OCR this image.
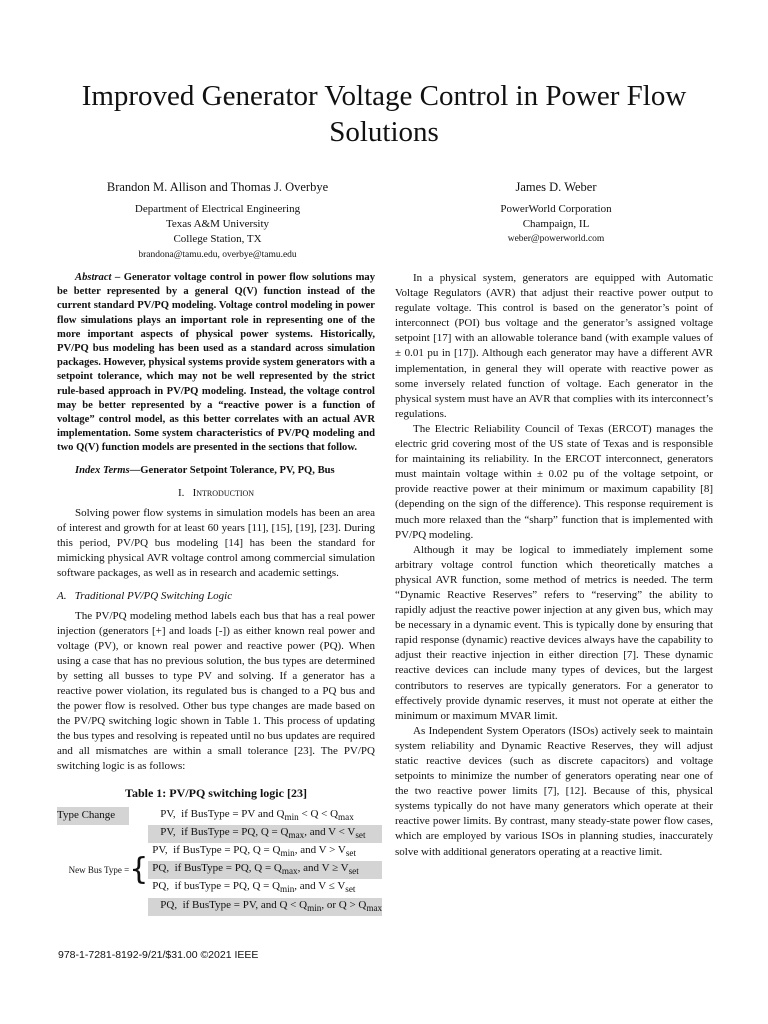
Improved Generator Voltage Control in Power Flow Solutions
Brandon M. Allison and Thomas J. Overbye
Department of Electrical Engineering
Texas A&M University
College Station, TX
brandona@tamu.edu, overbye@tamu.edu
James D. Weber
PowerWorld Corporation
Champaign, IL
weber@powerworld.com

Abstract – Generator voltage control in power flow solutions may be better represented by a general Q(V) function instead of the current standard PV/PQ modeling. Voltage control modeling in power flow simulations plays an important role in representing one of the more important aspects of physical power systems. Historically, PV/PQ bus modeling has been used as a standard across simulation packages. However, physical systems provide system generators with a setpoint tolerance, which may not be well represented by the strict rule-based approach in PV/PQ modeling. Instead, the voltage control may be better represented by a “reactive power is a function of voltage” control model, as this better correlates with an actual AVR implementation. Some system characteristics of PV/PQ modeling and two Q(V) function models are presented in the sections that follow.

Index Terms—Generator Setpoint Tolerance, PV, PQ, Bus

I. Introduction

Solving power flow systems in simulation models has been an area of interest and growth for at least 60 years [11], [15], [19], [23]. During this period, PV/PQ bus modeling [14] has been the standard for mimicking physical AVR voltage control among commercial simulation software packages, as well as in research and academic settings.

A. Traditional PV/PQ Switching Logic

The PV/PQ modeling method labels each bus that has a real power injection (generators [+] and loads [-]) as either known real power and voltage (PV), or known real power and reactive power (PQ). When using a case that has no previous solution, the bus types are determined by setting all busses to type PV and solving. If a generator has a reactive power violation, its regulated bus is changed to a PQ bus and the power flow is resolved. Other bus type changes are made based on the PV/PQ switching logic shown in Table 1. This process of updating the bus types and resolving is repeated until no bus updates are required and all mismatches are within a small tolerance [23]. The PV/PQ switching logic is as follows:

Table 1: PV/PQ switching logic [23]

Type Change		PV,  if BusType = PV and $Q_{min} < Q < Q_{max}$
		PV,  if BusType = PQ, $Q = Q_{max}$, and $V < V_{set}$
New Bus Type =	{	PV,  if BusType = PQ, $Q = Q_{min}$, and $V > V_{set}$
		PQ,  if BusType = PQ, $Q = Q_{max}$, and $V \ge V_{set}$
		PQ,  if busType = PQ, $Q = Q_{min}$, and $V \le V_{set}$
		PQ,  if BusType = PV, and $Q < Q_{min}$, or $Q > Q_{max}$

In a physical system, generators are equipped with Automatic Voltage Regulators (AVR) that adjust their reactive power output to regulate voltage. This control is based on the generator’s point of interconnect (POI) bus voltage and the generator’s assigned voltage setpoint [17] with an allowable tolerance band (with example values of ± 0.01 pu in [17]). Although each generator may have a different AVR implementation, in general they will operate with reactive power as some inversely related function of voltage. Each generator in the physical system must have an AVR that complies with its interconnect’s regulations.

The Electric Reliability Council of Texas (ERCOT) manages the electric grid covering most of the US state of Texas and is responsible for maintaining its reliability. In the ERCOT interconnect, generators must maintain voltage within ± 0.02 pu of the voltage setpoint, or provide reactive power at their minimum or maximum capability [8] (depending on the sign of the difference). This response requirement is much more relaxed than the “sharp” function that is implemented with PV/PQ modeling.

Although it may be logical to immediately implement some arbitrary voltage control function which theoretically matches a physical AVR function, some method of metrics is needed. The term “Dynamic Reactive Reserves” refers to “reserving” the ability to rapidly adjust the reactive power injection at any given bus, which may be necessary in a dynamic event. This is typically done by ensuring that rapid response (dynamic) reactive devices always have the capability to adjust their reactive injection in either direction [7]. These dynamic reactive devices can include many types of devices, but the largest contributors to reserves are typically generators. For a generator to effectively provide dynamic reserves, it must not operate at either the minimum or maximum MVAR limit.

As Independent System Operators (ISOs) actively seek to maintain system reliability and Dynamic Reactive Reserves, they will adjust static reactive devices (such as discrete capacitors) and voltage setpoints to minimize the number of generators operating near one of the two reactive power limits [7], [12]. Because of this, physical systems typically do not have many generators which operate at their reactive power limits. By contrast, many steady-state power flow cases, which are employed by various ISOs in planning studies, inaccurately solve with additional generators operating at a reactive limit.

978-1-7281-8192-9/21/$31.00 ©2021 IEEE
